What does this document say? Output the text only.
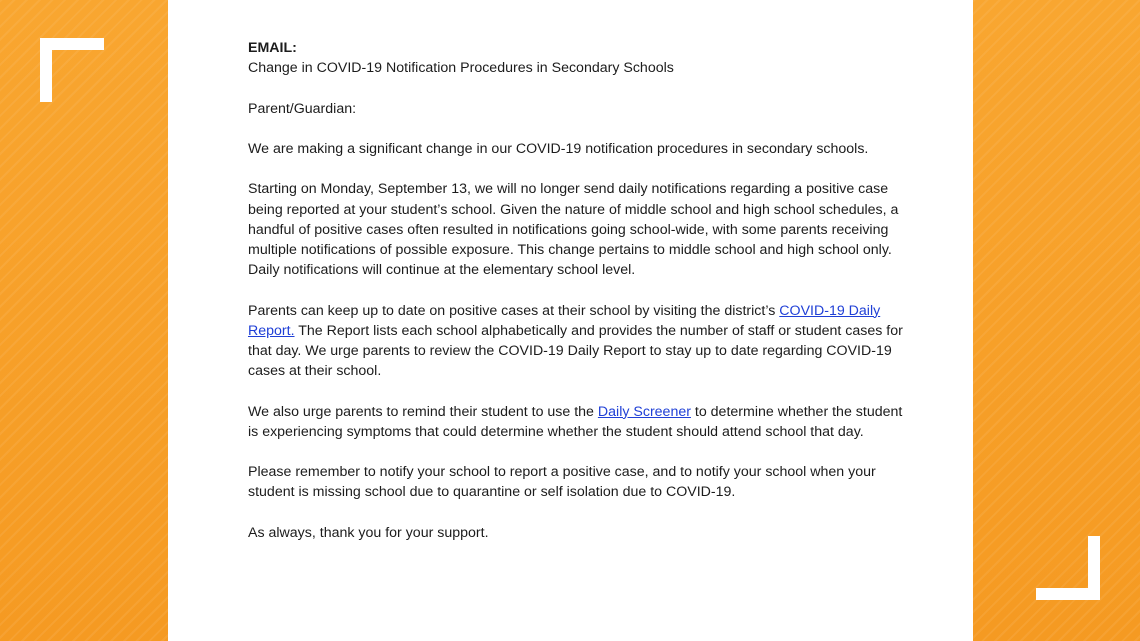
EMAIL:

Change in COVID-19 Notification Procedures in Secondary Schools

Parent/Guardian:

We are making a significant change in our COVID-19 notification procedures in secondary schools.

Starting on Monday, September 13, we will no longer send daily notifications regarding a positive case being reported at your student’s school. Given the nature of middle school and high school schedules, a handful of positive cases often resulted in notifications going school-wide, with some parents receiving multiple notifications of possible exposure. This change pertains to middle school and high school only. Daily notifications will continue at the elementary school level.

Parents can keep up to date on positive cases at their school by visiting the district’s COVID-19 Daily Report. The Report lists each school alphabetically and provides the number of staff or student cases for that day. We urge parents to review the COVID-19 Daily Report to stay up to date regarding COVID-19 cases at their school.

We also urge parents to remind their student to use the Daily Screener to determine whether the student is experiencing symptoms that could determine whether the student should attend school that day.

Please remember to notify your school to report a positive case, and to notify your school when your student is missing school due to quarantine or self isolation due to COVID-19.

As always, thank you for your support.
